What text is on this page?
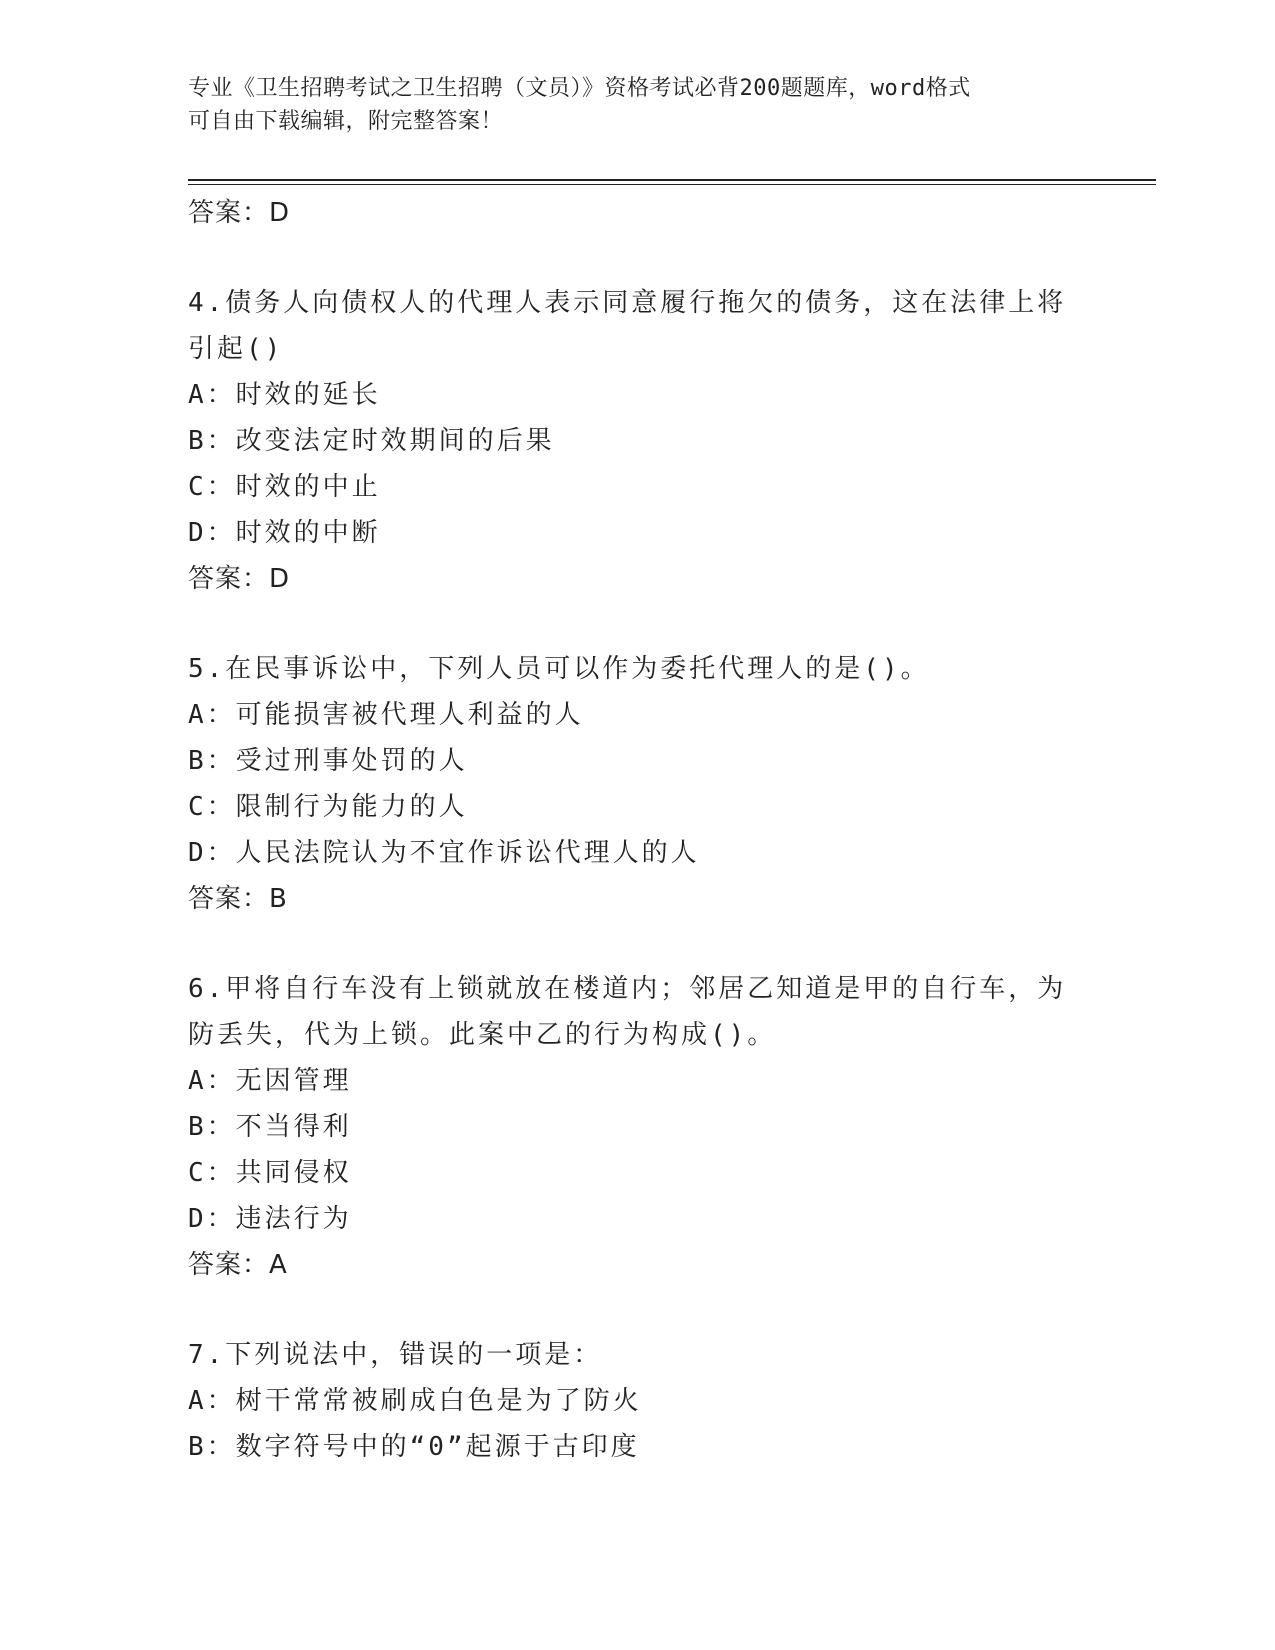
专业《卫生招聘考试之卫生招聘（文员）》资格考试必背200题题库，word格式
可自由下载编辑，附完整答案！
答案：D
4.债务人向债权人的代理人表示同意履行拖欠的债务，这在法律上将
引起()
A：时效的延长
B：改变法定时效期间的后果
C：时效的中止
D：时效的中断
答案：D
5.在民事诉讼中，下列人员可以作为委托代理人的是()。
A：可能损害被代理人利益的人
B：受过刑事处罚的人
C：限制行为能力的人
D：人民法院认为不宜作诉讼代理人的人
答案：B
6.甲将自行车没有上锁就放在楼道内；邻居乙知道是甲的自行车，为
防丢失，代为上锁。此案中乙的行为构成()。
A：无因管理
B：不当得利
C：共同侵权
D：违法行为
答案：A
7.下列说法中，错误的一项是：
A：树干常常被刷成白色是为了防火
B：数字符号中的“0”起源于古印度
